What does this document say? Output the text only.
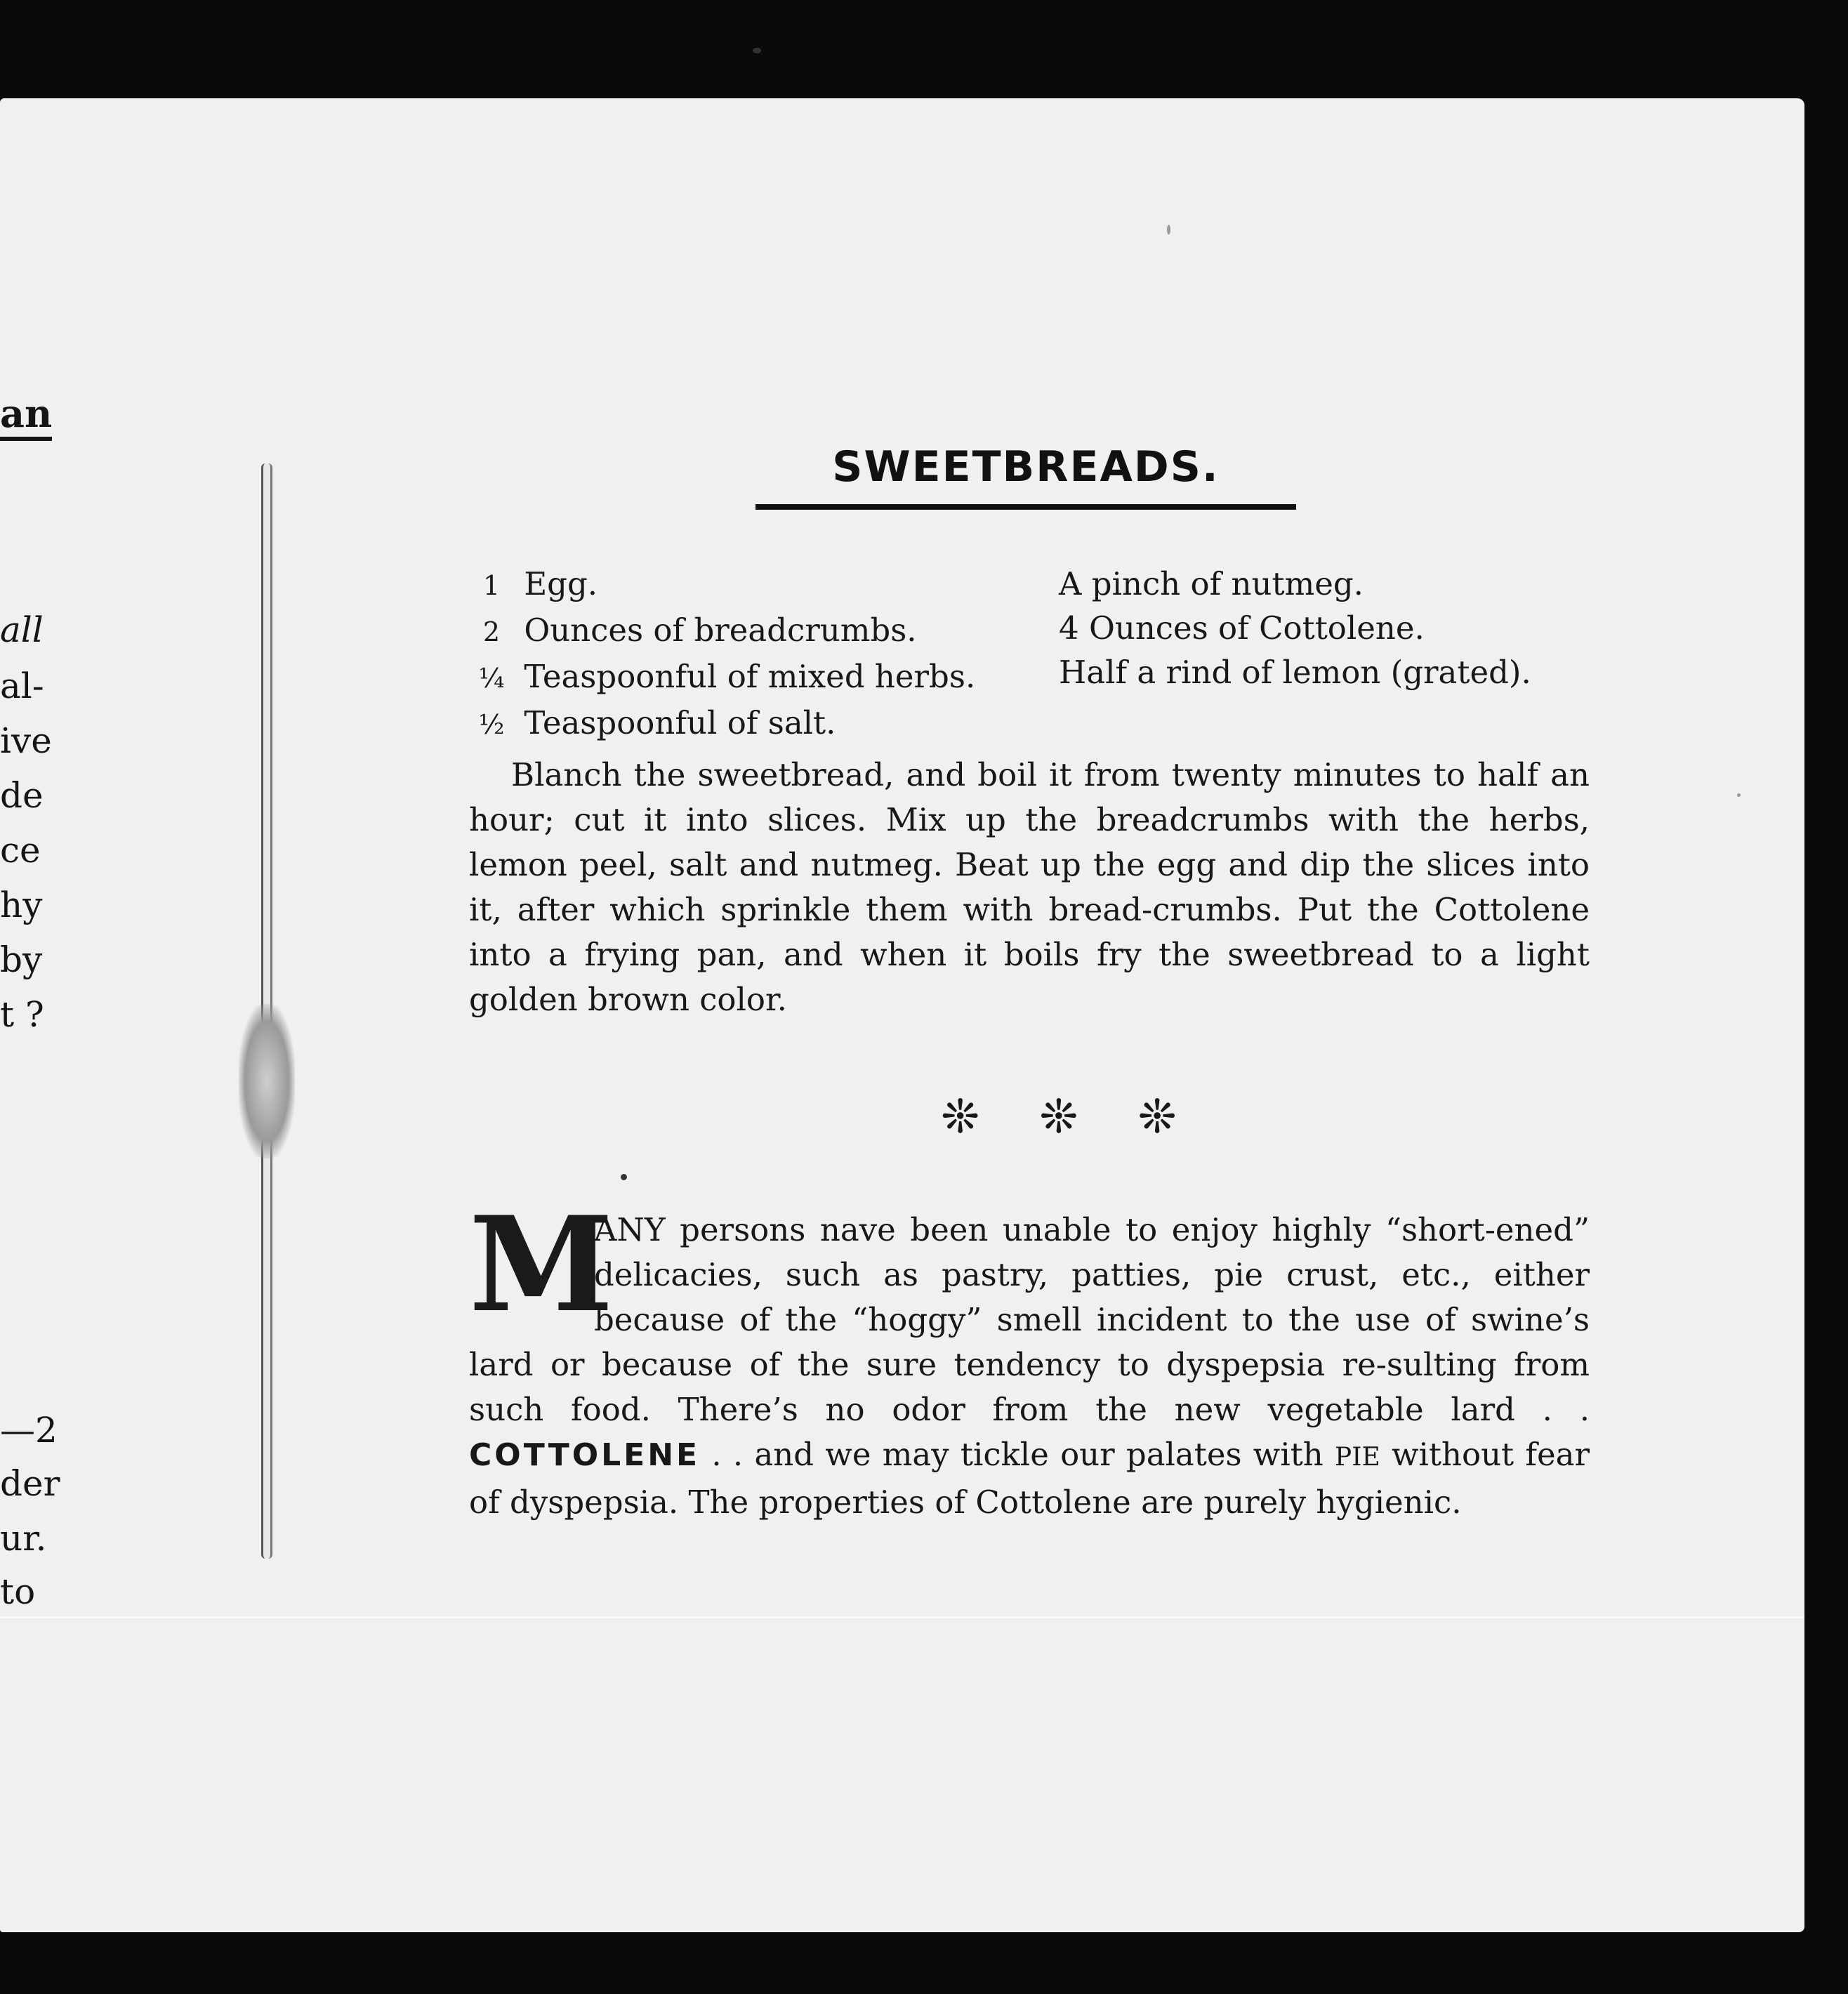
an
all
al-
ive
de
ce
hy
by
t ?
—2
der
ur.
to
SWEETBREADS.
1 Egg.
2 Ounces of breadcrumbs.
¼ Teaspoonful of mixed herbs.
½ Teaspoonful of salt.
A pinch of nutmeg.
4 Ounces of Cottolene.
Half a rind of lemon (grated).
Blanch the sweetbread, and boil it from twenty minutes to half an hour; cut it into slices. Mix up the breadcrumbs with the herbs, lemon peel, salt and nutmeg. Beat up the egg and dip the slices into it, after which sprinkle them with bread-crumbs. Put the Cottolene into a frying pan, and when it boils fry the sweetbread to a light golden brown color.
❊ ❊ ❊
M
ANY persons nave been unable to enjoy highly “short-ened” delicacies, such as pastry, patties, pie crust, etc., either because of the “hoggy” smell incident to the use of swine’s lard or because of the sure tendency to dyspepsia re-sulting from such food. There’s no odor from the new vegetable lard . . COTTOLENE . . and we may tickle our palates with PIE without fear of dyspepsia. The properties of Cottolene are purely hygienic.
